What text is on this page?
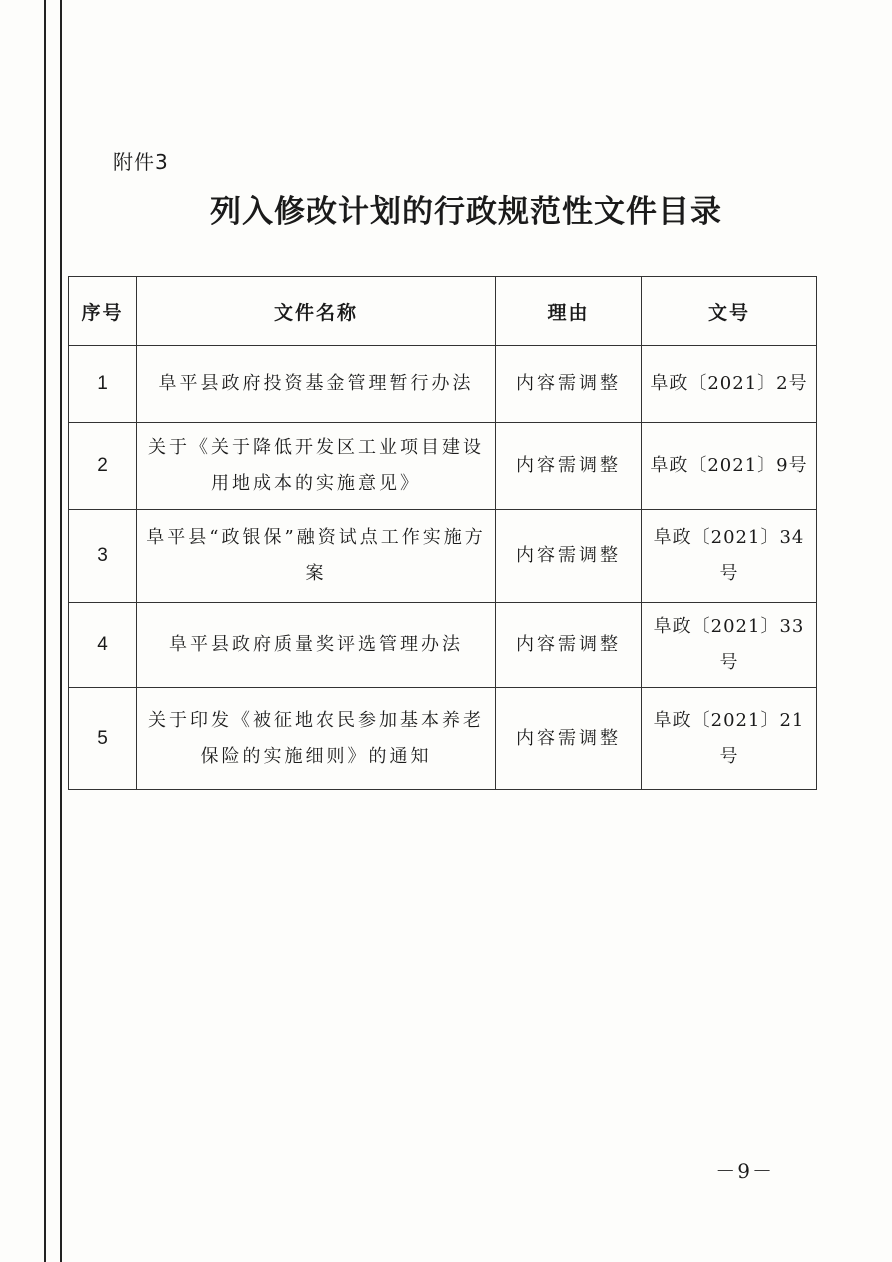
附件3
列入修改计划的行政规范性文件目录
序号	文件名称	理由	文号
1	阜平县政府投资基金管理暂行办法	内容需调整	阜政〔2021〕2号
2	关于《关于降低开发区工业项目建设用地成本的实施意见》	内容需调整	阜政〔2021〕9号
3	阜平县“政银保”融资试点工作实施方案	内容需调整	阜政〔2021〕34号
4	阜平县政府质量奖评选管理办法	内容需调整	阜政〔2021〕33号
5	关于印发《被征地农民参加基本养老保险的实施细则》的通知	内容需调整	阜政〔2021〕21号
－9－
